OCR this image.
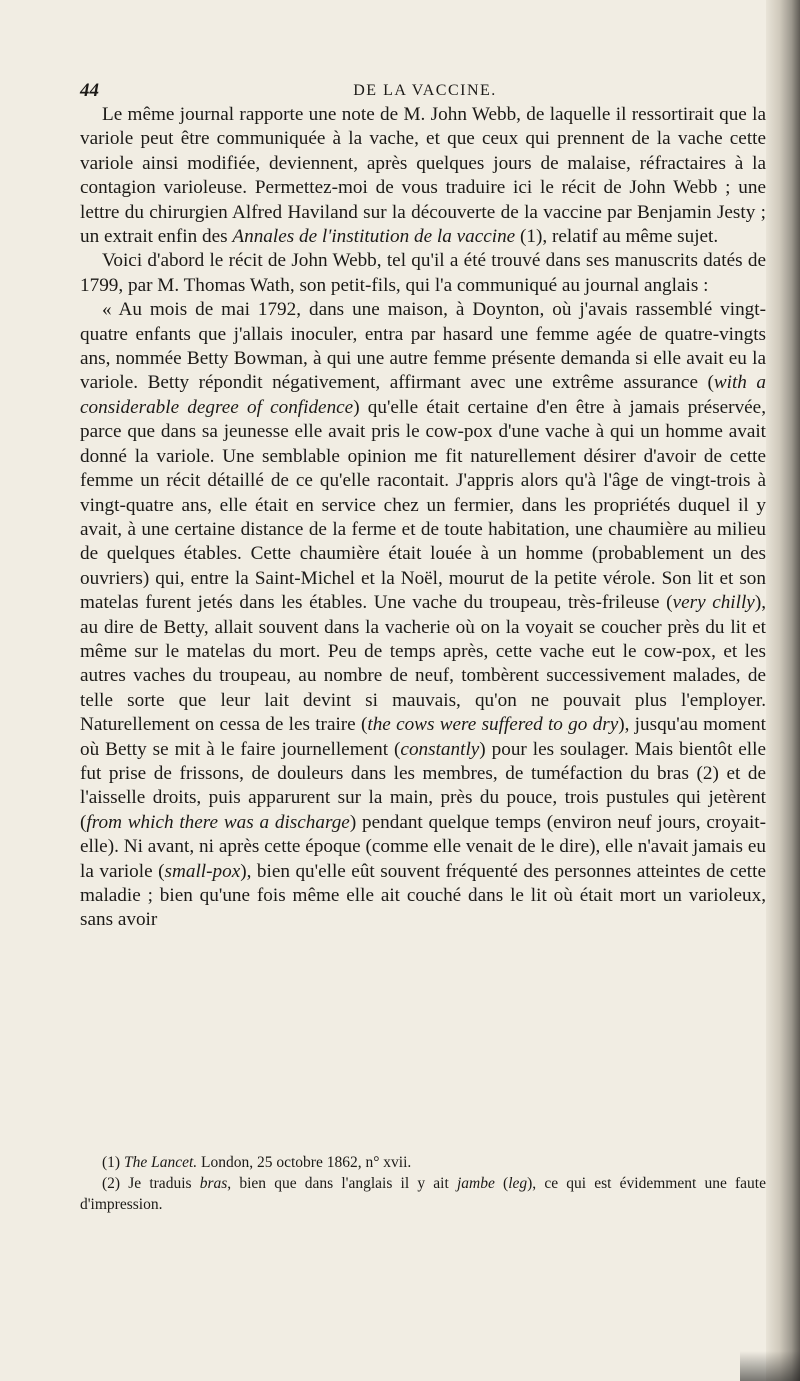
44	DE LA VACCINE.

Le même journal rapporte une note de M. John Webb, de laquelle il ressortirait que la variole peut être communiquée à la vache, et que ceux qui prennent de la vache cette variole ainsi modifiée, deviennent, après quelques jours de malaise, réfractaires à la contagion varioleuse. Permettez-moi de vous traduire ici le récit de John Webb ; une lettre du chirurgien Alfred Haviland sur la découverte de la vaccine par Benjamin Jesty ; un extrait enfin des Annales de l'institution de la vaccine (1), relatif au même sujet.

Voici d'abord le récit de John Webb, tel qu'il a été trouvé dans ses manuscrits datés de 1799, par M. Thomas Wath, son petit-fils, qui l'a communiqué au journal anglais :

« Au mois de mai 1792, dans une maison, à Doynton, où j'avais rassemblé vingt-quatre enfants que j'allais inoculer, entra par hasard une femme agée de quatre-vingts ans, nommée Betty Bowman, à qui une autre femme présente demanda si elle avait eu la variole. Betty répondit négativement, affirmant avec une extrême assurance (with a considerable degree of confidence) qu'elle était certaine d'en être à jamais préservée, parce que dans sa jeunesse elle avait pris le cow-pox d'une vache à qui un homme avait donné la variole. Une semblable opinion me fit naturellement désirer d'avoir de cette femme un récit détaillé de ce qu'elle racontait. J'appris alors qu'à l'âge de vingt-trois à vingt-quatre ans, elle était en service chez un fermier, dans les propriétés duquel il y avait, à une certaine distance de la ferme et de toute habitation, une chaumière au milieu de quelques étables. Cette chaumière était louée à un homme (probablement un des ouvriers) qui, entre la Saint-Michel et la Noël, mourut de la petite vérole. Son lit et son matelas furent jetés dans les étables. Une vache du troupeau, très-frileuse (very chilly), au dire de Betty, allait souvent dans la vacherie où on la voyait se coucher près du lit et même sur le matelas du mort. Peu de temps après, cette vache eut le cow-pox, et les autres vaches du troupeau, au nombre de neuf, tombèrent successivement malades, de telle sorte que leur lait devint si mauvais, qu'on ne pouvait plus l'employer. Naturellement on cessa de les traire (the cows were suffered to go dry), jusqu'au moment où Betty se mit à le faire journellement (constantly) pour les soulager. Mais bientôt elle fut prise de frissons, de douleurs dans les membres, de tuméfaction du bras (2) et de l'aisselle droits, puis apparurent sur la main, près du pouce, trois pustules qui jetèrent (from which there was a discharge) pendant quelque temps (environ neuf jours, croyait-elle). Ni avant, ni après cette époque (comme elle venait de le dire), elle n'avait jamais eu la variole (small-pox), bien qu'elle eût souvent fréquenté des personnes atteintes de cette maladie ; bien qu'une fois même elle ait couché dans le lit où était mort un varioleux, sans avoir

(1) The Lancet. London, 25 octobre 1862, n° xvii.

(2) Je traduis bras, bien que dans l'anglais il y ait jambe (leg), ce qui est évidemment une faute d'impression.
